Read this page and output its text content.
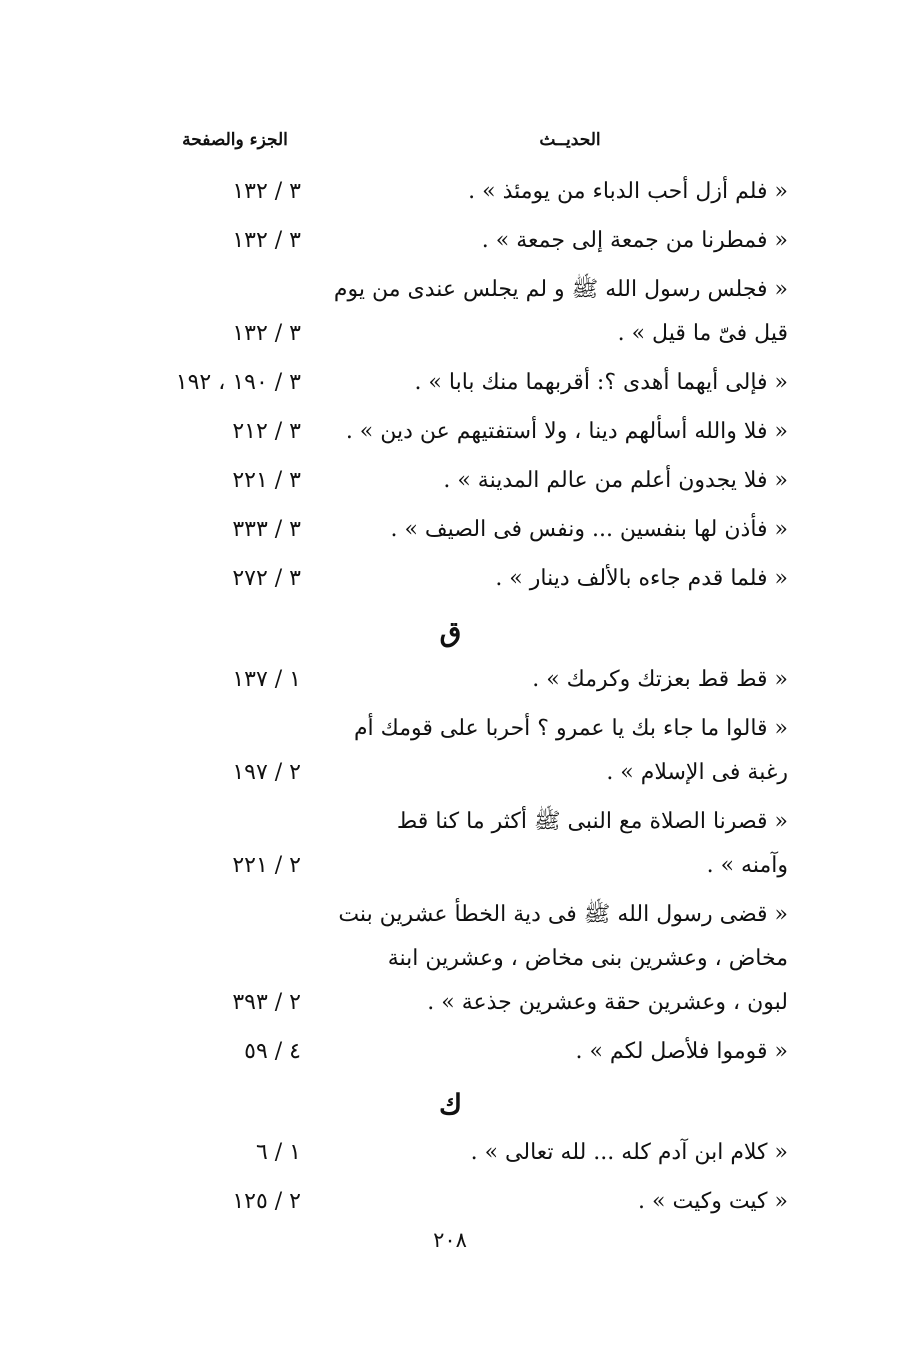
الحديــث
الجزء والصفحة
« فلم أزل أحب الدباء من يومئذ » .
٣ / ١٣٢
« فمطرنا من جمعة إلى جمعة » .
٣ / ١٣٢
« فجلس رسول الله ﷺ و لم يجلس عندى من يوم
قيل فىّ ما قيل » .
٣ / ١٣٢
« فإلى أيهما أهدى ؟: أقربهما منك بابا » .
٣ / ١٩٠ ، ١٩٢
« فلا والله أسألهم دينا ، ولا أستفتيهم عن دين » .
٣ / ٢١٢
« فلا يجدون أعلم من عالم المدينة » .
٣ / ٢٢١
« فأذن لها بنفسين ... ونفس فى الصيف » .
٣ / ٣٣٣
« فلما قدم جاءه بالألف دينار » .
٣ / ٢٧٢
ق
« قط قط بعزتك وكرمك » .
١ / ١٣٧
« قالوا ما جاء بك يا عمرو ؟ أحربا على قومك أم
رغبة فى الإسلام » .
٢ / ١٩٧
« قصرنا الصلاة مع النبى ﷺ أكثر ما كنا قط
وآمنه » .
٢ / ٢٢١
« قضى رسول الله ﷺ فى دية الخطأ عشرين بنت
مخاض ، وعشرين بنى مخاض ، وعشرين ابنة
لبون ، وعشرين حقة وعشرين جذعة » .
٢ / ٣٩٣
« قوموا فلأصل لكم » .
٤ / ٥٩
ك
« كلام ابن آدم كله ... لله تعالى » .
١ / ٦
« كيت وكيت » .
٢ / ١٢٥
٢٠٨
